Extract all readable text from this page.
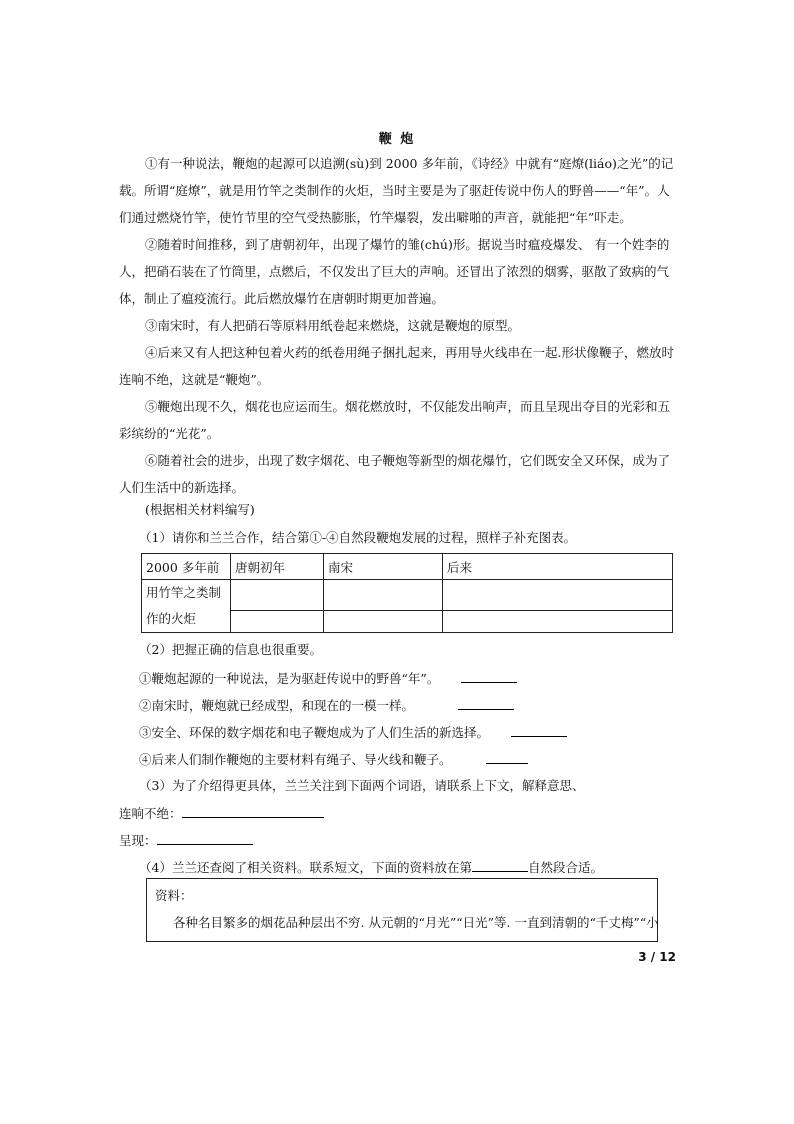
鞭 炮

①有一种说法，鞭炮的起源可以追溯(sù)到 2000 多年前，《诗经》中就有“庭燎(liáo)之光”的记载。所谓“庭燎”，就是用竹竿之类制作的火炬，当时主要是为了驱赶传说中伤人的野兽——“年”。人们通过燃烧竹竿，使竹节里的空气受热膨胀，竹竿爆裂，发出噼啪的声音，就能把“年”吓走。

②随着时间推移，到了唐朝初年，出现了爆竹的雏(chú)形。据说当时瘟疫爆发、 有一个姓李的人，把硝石装在了竹筒里，点燃后，不仅发出了巨大的声响。还冒出了浓烈的烟雾，驱散了致病的气体，制止了瘟疫流行。此后燃放爆竹在唐朝时期更加普遍。

③南宋时，有人把硝石等原料用纸卷起来燃烧，这就是鞭炮的原型。

④后来又有人把这种包着火药的纸卷用绳子捆扎起来，再用导火线串在一起.形状像鞭子，燃放时连响不绝，这就是“鞭炮”。

⑤鞭炮出现不久，烟花也应运而生。烟花燃放时，不仅能发出响声，而且呈现出夺目的光彩和五彩缤纷的“光花”。

⑥随着社会的进步，出现了数字烟花、电子鞭炮等新型的烟花爆竹，它们既安全又环保，成为了人们生活中的新选择。

(根据相关材料编写)
（1）请你和兰兰合作，结合第①-④自然段鞭炮发展的过程，照样子补充图表。
2000 多年前	唐朝初年	南宋	后来
用竹竿之类制
作的火炬			

（2）把握正确的信息也很重要。
①鞭炮起源的一种说法，是为驱赶传说中的野兽“年”。
②南宋时，鞭炮就已经成型，和现在的一模一样。
③安全、环保的数字烟花和电子鞭炮成为了人们生活的新选择。
④后来人们制作鞭炮的主要材料有绳子、导火线和鞭子。
（3）为了介绍得更具体，兰兰关注到下面两个词语，请联系上下文，解释意思、
连响不绝：
呈现：
（4）兰兰还查阅了相关资料。联系短文，下面的资料放在第	自然段合适。
资料：
各种名目繁多的烟花品种层出不穷. 从元朝的“月光”“日光”等. 一直到清朝的“千丈梅”“小
3 / 12
